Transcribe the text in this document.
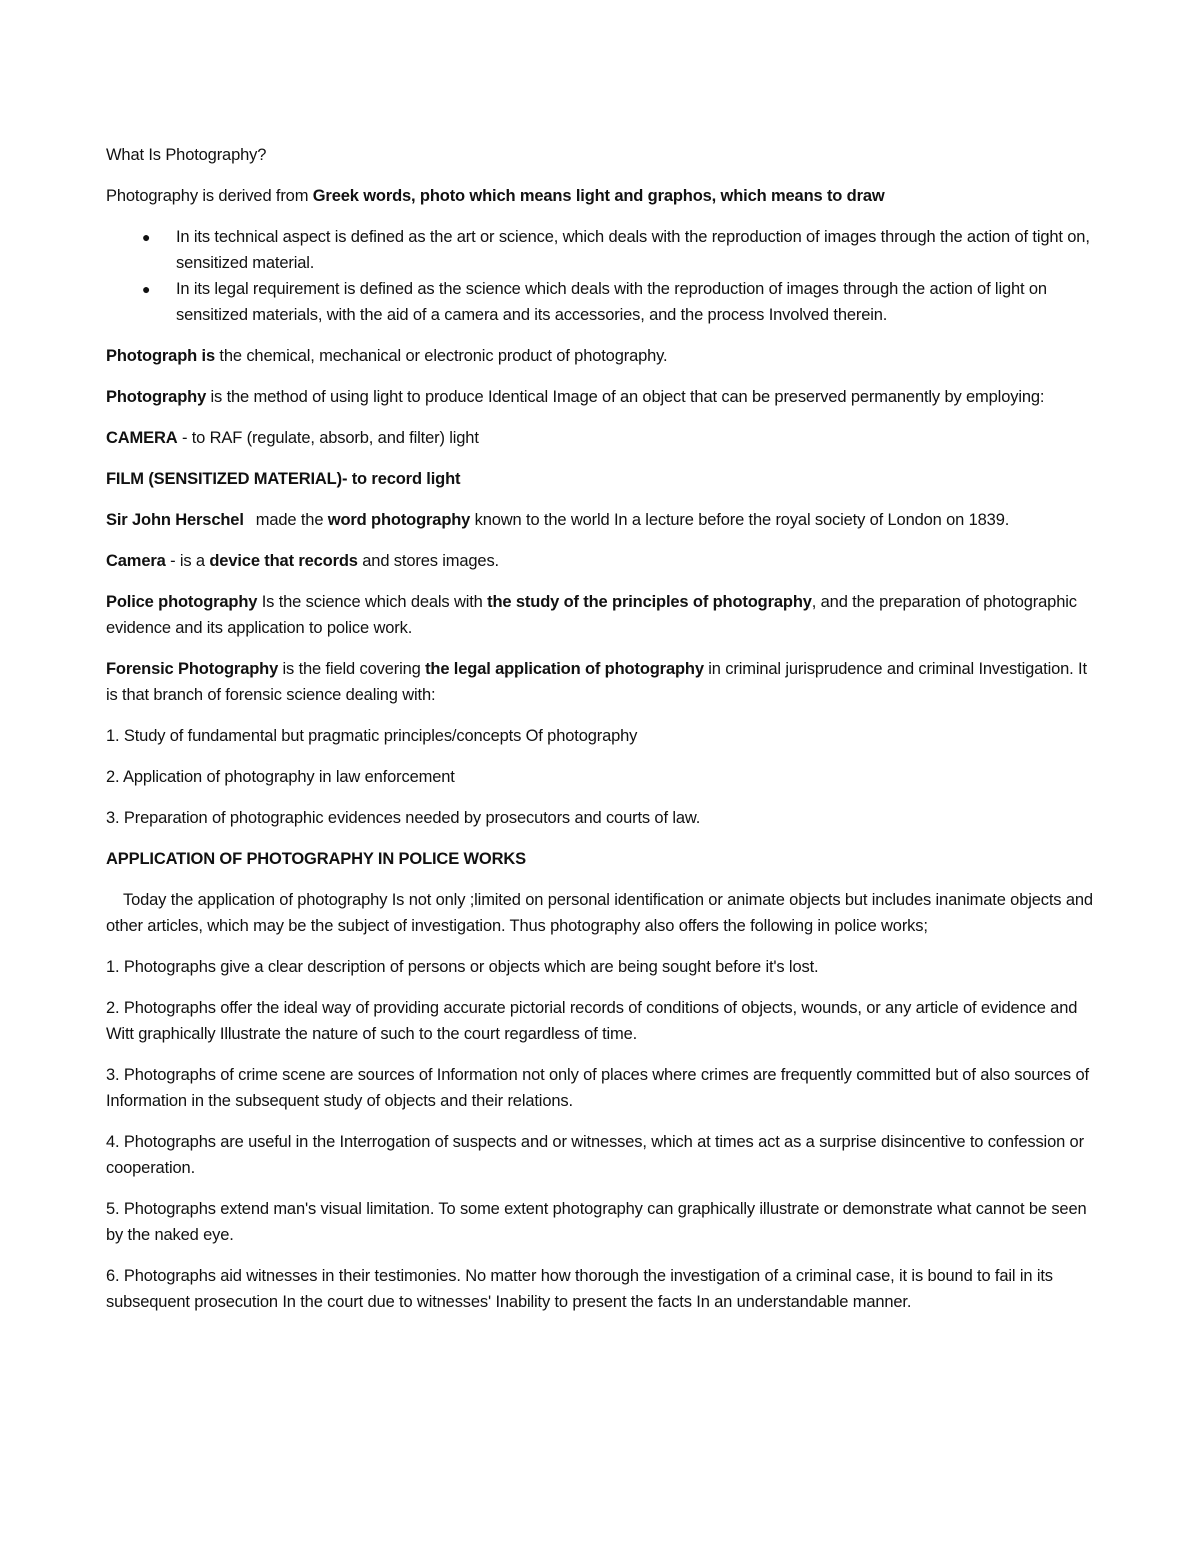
What Is Photography?

Photography is derived from Greek words, photo which means light and graphos, which means to draw

●	In its technical aspect is defined as the art or science, which deals with the reproduction of images through the action of tight on, sensitized material.
●	In its legal requirement is defined as the science which deals with the reproduction of images through the action of light on sensitized materials, with the aid of a camera and its accessories, and the process Involved therein.

Photograph is the chemical, mechanical or electronic product of photography.

Photography is the method of using light to produce Identical Image of an object that can be preserved permanently by employing:

CAMERA - to RAF (regulate, absorb, and filter) light

FILM (SENSITIZED MATERIAL)- to record light

Sir John Herschel made the word photography known to the world In a lecture before the royal society of London on 1839.

Camera - is a device that records and stores images.

Police photography Is the science which deals with the study of the principles of photography, and the preparation of photographic evidence and its application to police work.

Forensic Photography is the field covering the legal application of photography in criminal jurisprudence and criminal Investigation. It is that branch of forensic science dealing with:

1. Study of fundamental but pragmatic principles/concepts Of photography

2. Application of photography in law enforcement

3. Preparation of photographic evidences needed by prosecutors and courts of law.

APPLICATION OF PHOTOGRAPHY IN POLICE WORKS

Today the application of photography Is not only ;limited on personal identification or animate objects but includes inanimate objects and other articles, which may be the subject of investigation. Thus photography also offers the following in police works;

1. Photographs give a clear description of persons or objects which are being sought before it's lost.

2. Photographs offer the ideal way of providing accurate pictorial records of conditions of objects, wounds, or any article of evidence and Witt graphically Illustrate the nature of such to the court regardless of time.

3. Photographs of crime scene are sources of Information not only of places where crimes are frequently committed but of also sources of Information in the subsequent study of objects and their relations.

4. Photographs are useful in the Interrogation of suspects and or witnesses, which at times act as a surprise disincentive to confession or cooperation.

5. Photographs extend man's visual limitation. To some extent photography can graphically illustrate or demonstrate what cannot be seen by the naked eye.

6. Photographs aid witnesses in their testimonies. No matter how thorough the investigation of a criminal case, it is bound to fail in its subsequent prosecution In the court due to witnesses' Inability to present the facts In an understandable manner.
